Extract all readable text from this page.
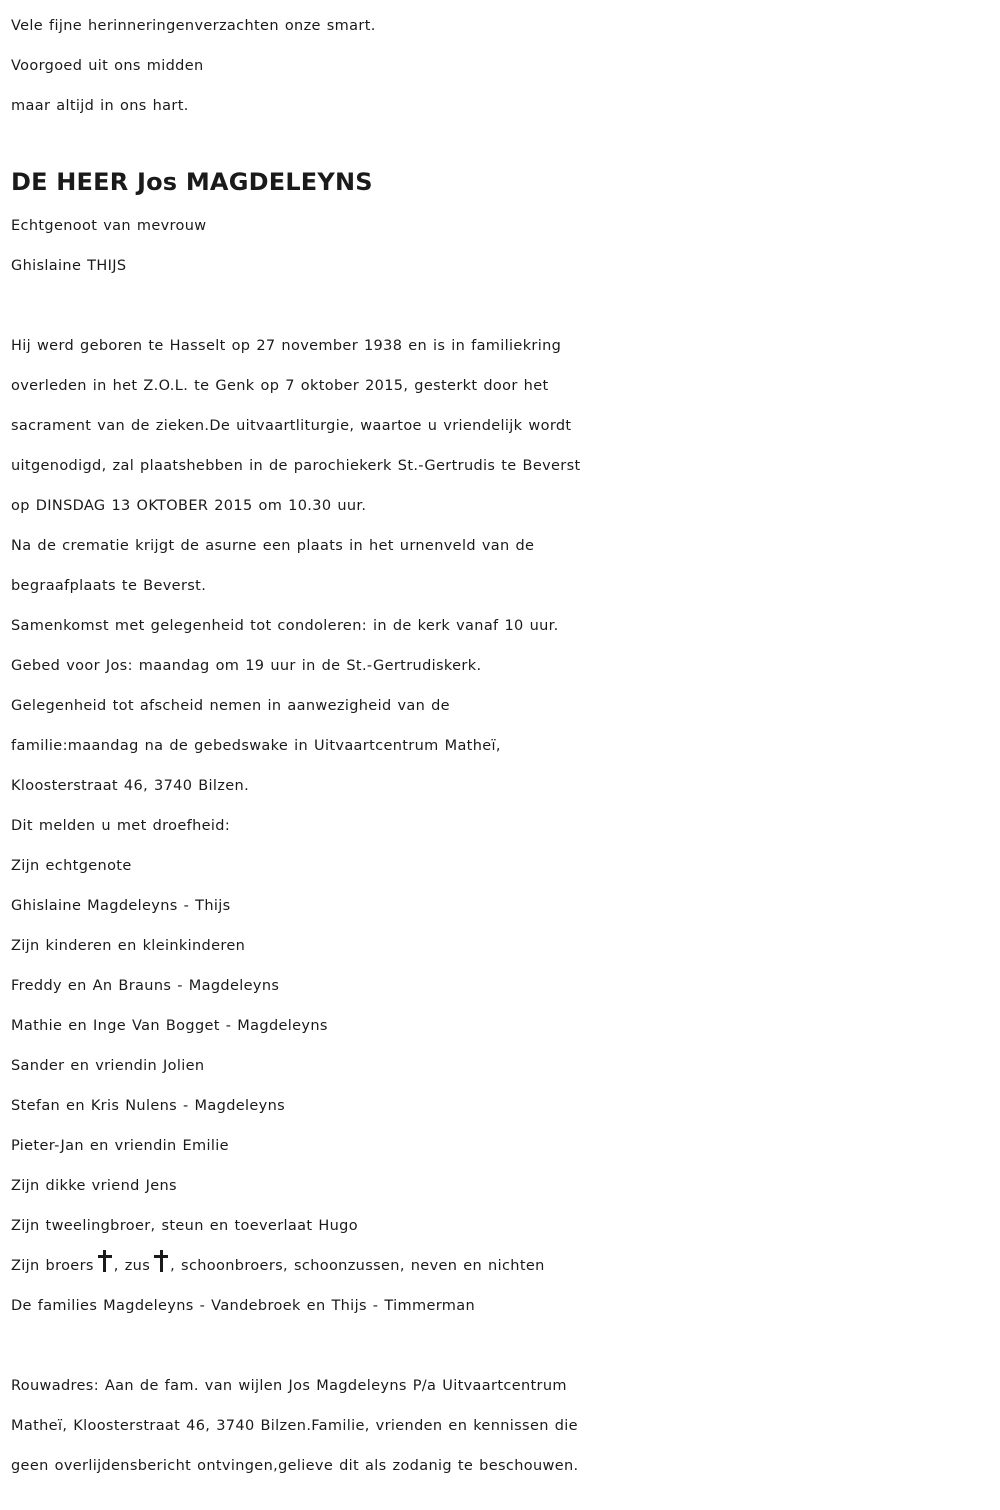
Vele fijne herinneringenverzachten onze smart.
Voorgoed uit ons midden
maar altijd in ons hart.
DE HEER Jos MAGDELEYNS
Echtgenoot van mevrouw
Ghislaine THIJS
Hij werd geboren te Hasselt op 27 november 1938 en is in familiekring
overleden in het Z.O.L. te Genk op 7 oktober 2015, gesterkt door het
sacrament van de zieken.De uitvaartliturgie, waartoe u vriendelijk wordt
uitgenodigd, zal plaatshebben in de parochiekerk St.-Gertrudis te Beverst
op DINSDAG 13 OKTOBER 2015 om 10.30 uur.
Na de crematie krijgt de asurne een plaats in het urnenveld van de
begraafplaats te Beverst.
Samenkomst met gelegenheid tot condoleren: in de kerk vanaf 10 uur.
Gebed voor Jos: maandag om 19 uur in de St.-Gertrudiskerk.
Gelegenheid tot afscheid nemen in aanwezigheid van de
familie:maandag na de gebedswake in Uitvaartcentrum Matheï,
Kloosterstraat 46, 3740 Bilzen.
Dit melden u met droefheid:
Zijn echtgenote
Ghislaine Magdeleyns - Thijs
Zijn kinderen en kleinkinderen
Freddy en An Brauns - Magdeleyns
Mathie en Inge Van Bogget - Magdeleyns
Sander en vriendin Jolien
Stefan en Kris Nulens - Magdeleyns
Pieter-Jan en vriendin Emilie
Zijn dikke vriend Jens
Zijn tweelingbroer, steun en toeverlaat Hugo
Zijn broers , zus , schoonbroers, schoonzussen, neven en nichten
De families Magdeleyns - Vandebroek en Thijs - Timmerman
Rouwadres: Aan de fam. van wijlen Jos Magdeleyns P/a Uitvaartcentrum
Matheï, Kloosterstraat 46, 3740 Bilzen.Familie, vrienden en kennissen die
geen overlijdensbericht ontvingen,gelieve dit als zodanig te beschouwen.
